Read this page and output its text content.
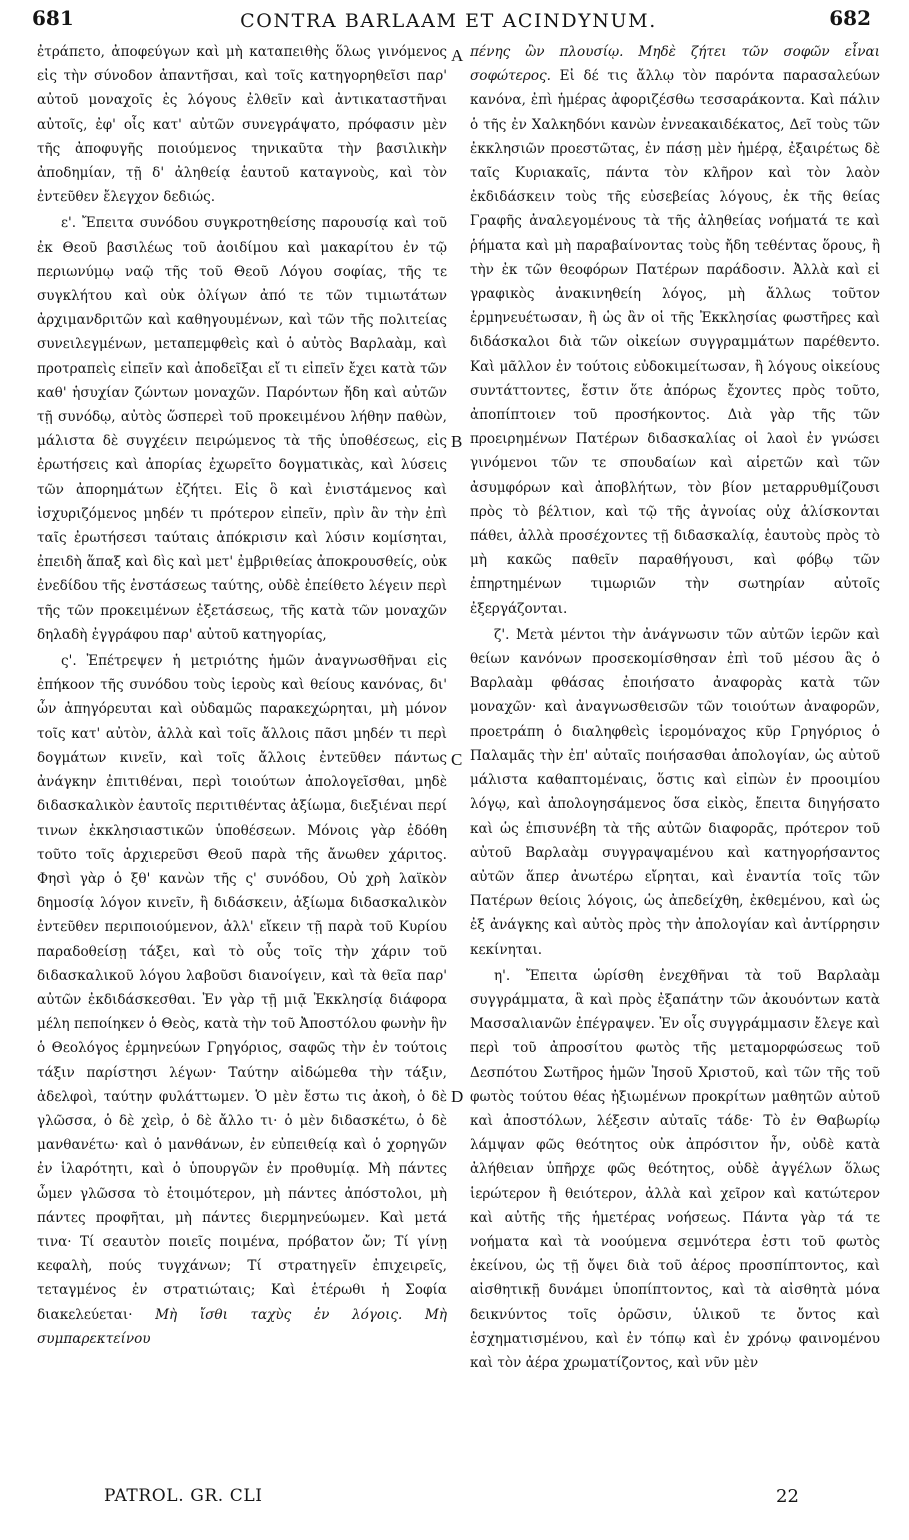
681	CONTRA BARLAAM ET ACINDYNUM.	682

ἐτράπετο, ἀποφεύγων καὶ μὴ καταπειθὴς ὅλως γινόμενος εἰς τὴν σύνοδον ἀπαντῆσαι, καὶ τοῖς κατηγορηθεῖσι παρ' αὐτοῦ μοναχοῖς ἐς λόγους ἐλθεῖν καὶ ἀντικαταστῆναι αὐτοῖς, ἐφ' οἷς κατ' αὐτῶν συνεγράψατο, πρόφασιν μὲν τῆς ἀποφυγῆς ποιούμενος τηνικαῦτα τὴν βασιλικὴν ἀποδημίαν, τῇ δ' ἀληθείᾳ ἑαυτοῦ καταγνοὺς, καὶ τὸν ἐντεῦθεν ἔλεγχον δεδιώς.

ε'. Ἔπειτα συνόδου συγκροτηθείσης παρουσίᾳ καὶ τοῦ ἐκ Θεοῦ βασιλέως τοῦ ἀοιδίμου καὶ μακαρίτου ἐν τῷ περιωνύμῳ ναῷ τῆς τοῦ Θεοῦ Λόγου σοφίας, τῆς τε συγκλήτου καὶ οὐκ ὀλίγων ἀπό τε τῶν τιμιωτάτων ἀρχιμανδριτῶν καὶ καθηγουμένων, καὶ τῶν τῆς πολιτείας συνειλεγμένων, μεταπεμφθεὶς καὶ ὁ αὐτὸς Βαρλαὰμ, καὶ προτραπεὶς εἰπεῖν καὶ ἀποδεῖξαι εἴ τι εἰπεῖν ἔχει κατὰ τῶν καθ' ἡσυχίαν ζώντων μοναχῶν. Παρόντων ἤδη καὶ αὐτῶν τῇ συνόδῳ, αὐτὸς ὥσπερεὶ τοῦ προκειμένου λήθην παθὼν, μάλιστα δὲ συγχέειν πειρώμενος τὰ τῆς ὑποθέσεως, εἰς ἐρωτήσεις καὶ ἀπορίας ἐχωρεῖτο δογματικὰς, καὶ λύσεις τῶν ἀπορημάτων ἐζήτει. Εἰς ὃ καὶ ἐνιστάμενος καὶ ἰσχυριζόμενος μηδέν τι πρότερον εἰπεῖν, πρὶν ἂν τὴν ἐπὶ ταῖς ἐρωτήσεσι ταύταις ἀπόκρισιν καὶ λύσιν κομίσηται, ἐπειδὴ ἅπαξ καὶ δὶς καὶ μετ' ἐμβριθείας ἀποκρουσθείς, οὐκ ἐνεδίδου τῆς ἐνστάσεως ταύτης, οὐδὲ ἐπείθετο λέγειν περὶ τῆς τῶν προκειμένων ἐξετάσεως, τῆς κατὰ τῶν μοναχῶν δηλαδὴ ἐγγράφου παρ' αὐτοῦ κατηγορίας,

ς'. Ἐπέτρεψεν ἡ μετριότης ἡμῶν ἀναγνωσθῆναι εἰς ἐπήκοον τῆς συνόδου τοὺς ἱεροὺς καὶ θείους κανόνας, δι' ὧν ἀπηγόρευται καὶ οὐδαμῶς παρακεχώρηται, μὴ μόνον τοῖς κατ' αὐτὸν, ἀλλὰ καὶ τοῖς ἄλλοις πᾶσι μηδέν τι περὶ δογμάτων κινεῖν, καὶ τοῖς ἄλλοις ἐντεῦθεν πάντως ἀνάγκην ἐπιτιθέναι, περὶ τοιούτων ἀπολογεῖσθαι, μηδὲ διδασκαλικὸν ἑαυτοῖς περιτιθέντας ἀξίωμα, διεξιέναι περί τινων ἐκκλησιαστικῶν ὑποθέσεων. Μόνοις γὰρ ἐδόθη τοῦτο τοῖς ἀρχιερεῦσι Θεοῦ παρὰ τῆς ἄνωθεν χάριτος. Φησὶ γὰρ ὁ ξθ' κανὼν τῆς ς' συνόδου, Οὐ χρὴ λαϊκὸν δημοσίᾳ λόγον κινεῖν, ἢ διδάσκειν, ἀξίωμα διδασκαλικὸν ἐντεῦθεν περιποιούμενον, ἀλλ' εἴκειν τῇ παρὰ τοῦ Κυρίου παραδοθείσῃ τάξει, καὶ τὸ οὖς τοῖς τὴν χάριν τοῦ διδασκαλικοῦ λόγου λαβοῦσι διανοίγειν, καὶ τὰ θεῖα παρ' αὐτῶν ἐκδιδάσκεσθαι. Ἐν γὰρ τῇ μιᾷ Ἐκκλησίᾳ διάφορα μέλη πεποίηκεν ὁ Θεὸς, κατὰ τὴν τοῦ Ἀποστόλου φωνὴν ἣν ὁ Θεολόγος ἑρμηνεύων Γρηγόριος, σαφῶς τὴν ἐν τούτοις τάξιν παρίστησι λέγων· Ταύτην αἰδώμεθα τὴν τάξιν, ἀδελφοὶ, ταύτην φυλάττωμεν. Ὁ μὲν ἔστω τις ἀκοὴ, ὁ δὲ γλῶσσα, ὁ δὲ χεὶρ, ὁ δὲ ἄλλο τι· ὁ μὲν διδασκέτω, ὁ δὲ μανθανέτω· καὶ ὁ μανθάνων, ἐν εὐπειθείᾳ καὶ ὁ χορηγῶν ἐν ἱλαρότητι, καὶ ὁ ὑπουργῶν ἐν προθυμίᾳ. Μὴ πάντες ὦμεν γλῶσσα τὸ ἑτοιμότερον, μὴ πάντες ἀπόστολοι, μὴ πάντες προφῆται, μὴ πάντες διερμηνεύωμεν. Καὶ μετά τινα· Τί σεαυτὸν ποιεῖς ποιμένα, πρόβατον ὤν; Τί γίνῃ κεφαλὴ, πούς τυγχάνων; Τί στρατηγεῖν ἐπιχειρεῖς, τεταγμένος ἐν στρατιώταις; Καὶ ἑτέρωθι ἡ Σοφία διακελεύεται· Μὴ ἴσθι ταχὺς ἐν λόγοις. Μὴ συμπαρεκτείνου

A
B
C
D

πένης ὢν πλουσίῳ. Μηδὲ ζήτει τῶν σοφῶν εἶναι σοφώτερος. Εἰ δέ τις ἄλλῳ τὸν παρόντα παρασαλεύων κανόνα, ἐπὶ ἡμέρας ἀφοριζέσθω τεσσαράκοντα. Καὶ πάλιν ὁ τῆς ἐν Χαλκηδόνι κανὼν ἐννεακαιδέκατος, Δεῖ τοὺς τῶν ἐκκλησιῶν προεστῶτας, ἐν πάσῃ μὲν ἡμέρᾳ, ἐξαιρέτως δὲ ταῖς Κυριακαῖς, πάντα τὸν κλῆρον καὶ τὸν λαὸν ἐκδιδάσκειν τοὺς τῆς εὐσεβείας λόγους, ἐκ τῆς θείας Γραφῆς ἀναλεγομένους τὰ τῆς ἀληθείας νοήματά τε καὶ ῥήματα καὶ μὴ παραβαίνοντας τοὺς ἤδη τεθέντας ὅρους, ἢ τὴν ἐκ τῶν θεοφόρων Πατέρων παράδοσιν. Ἀλλὰ καὶ εἰ γραφικὸς ἀνακινηθείη λόγος, μὴ ἄλλως τοῦτον ἑρμηνευέτωσαν, ἢ ὡς ἂν οἱ τῆς Ἐκκλησίας φωστῆρες καὶ διδάσκαλοι διὰ τῶν οἰκείων συγγραμμάτων παρέθεντο. Καὶ μᾶλλον ἐν τούτοις εὐδοκιμείτωσαν, ἢ λόγους οἰκείους συντάττοντες, ἔστιν ὅτε ἀπόρως ἔχοντες πρὸς τοῦτο, ἀποπίπτοιεν τοῦ προσήκοντος. Διὰ γὰρ τῆς τῶν προειρημένων Πατέρων διδασκαλίας οἱ λαοὶ ἐν γνώσει γινόμενοι τῶν τε σπουδαίων καὶ αἱρετῶν καὶ τῶν ἀσυμφόρων καὶ ἀποβλήτων, τὸν βίον μεταρρυθμίζουσι πρὸς τὸ βέλτιον, καὶ τῷ τῆς ἀγνοίας οὐχ ἁλίσκονται πάθει, ἀλλὰ προσέχοντες τῇ διδασκαλίᾳ, ἑαυτοὺς πρὸς τὸ μὴ κακῶς παθεῖν παραθήγουσι, καὶ φόβῳ τῶν ἐπηρτημένων τιμωριῶν τὴν σωτηρίαν αὐτοῖς ἐξεργάζονται.

ζ'. Μετὰ μέντοι τὴν ἀνάγνωσιν τῶν αὐτῶν ἱερῶν καὶ θείων κανόνων προσεκομίσθησαν ἐπὶ τοῦ μέσου ἃς ὁ Βαρλαὰμ φθάσας ἐποιήσατο ἀναφορὰς κατὰ τῶν μοναχῶν· καὶ ἀναγνωσθεισῶν τῶν τοιούτων ἀναφορῶν, προετράπη ὁ διαληφθεὶς ἱερομόναχος κῦρ Γρηγόριος ὁ Παλαμᾶς τὴν ἐπ' αὐταῖς ποιήσασθαι ἀπολογίαν, ὡς αὐτοῦ μάλιστα καθαπτομέναις, ὅστις καὶ εἰπὼν ἐν προοιμίου λόγῳ, καὶ ἀπολογησάμενος ὅσα εἰκὸς, ἔπειτα διηγήσατο καὶ ὡς ἐπισυνέβη τὰ τῆς αὐτῶν διαφορᾶς, πρότερον τοῦ αὐτοῦ Βαρλαὰμ συγγραψαμένου καὶ κατηγορήσαντος αὐτῶν ἅπερ ἀνωτέρω εἴρηται, καὶ ἐναντία τοῖς τῶν Πατέρων θείοις λόγοις, ὡς ἀπεδείχθη, ἐκθεμένου, καὶ ὡς ἐξ ἀνάγκης καὶ αὐτὸς πρὸς τὴν ἀπολογίαν καὶ ἀντίρρησιν κεκίνηται.

η'. Ἔπειτα ὡρίσθη ἐνεχθῆναι τὰ τοῦ Βαρλαὰμ συγγράμματα, ἃ καὶ πρὸς ἐξαπάτην τῶν ἀκουόντων κατὰ Μασσαλιανῶν ἐπέγραψεν. Ἐν οἷς συγγράμμασιν ἔλεγε καὶ περὶ τοῦ ἀπροσίτου φωτὸς τῆς μεταμορφώσεως τοῦ Δεσπότου Σωτῆρος ἡμῶν Ἰησοῦ Χριστοῦ, καὶ τῶν τῆς τοῦ φωτὸς τούτου θέας ἠξιωμένων προκρίτων μαθητῶν αὐτοῦ καὶ ἀποστόλων, λέξεσιν αὐταῖς τάδε· Τὸ ἐν Θαβωρίῳ λάμψαν φῶς θεότητος οὐκ ἀπρόσιτον ἦν, οὐδὲ κατὰ ἀλήθειαν ὑπῆρχε φῶς θεότητος, οὐδὲ ἀγγέλων ὅλως ἱερώτερον ἢ θειότερον, ἀλλὰ καὶ χεῖρον καὶ κατώτερον καὶ αὐτῆς τῆς ἡμετέρας νοήσεως. Πάντα γὰρ τά τε νοήματα καὶ τὰ νοούμενα σεμνότερα ἐστι τοῦ φωτὸς ἐκείνου, ὡς τῇ ὄψει διὰ τοῦ ἀέρος προσπίπτοντος, καὶ αἰσθητικῇ δυνάμει ὑποπίπτοντος, καὶ τὰ αἰσθητὰ μόνα δεικνύντος τοῖς ὁρῶσιν, ὑλικοῦ τε ὄντος καὶ ἐσχηματισμένου, καὶ ἐν τόπῳ καὶ ἐν χρόνῳ φαινομένου καὶ τὸν ἀέρα χρωματίζοντος, καὶ νῦν μὲν

PATROL. GR. CLI	22
